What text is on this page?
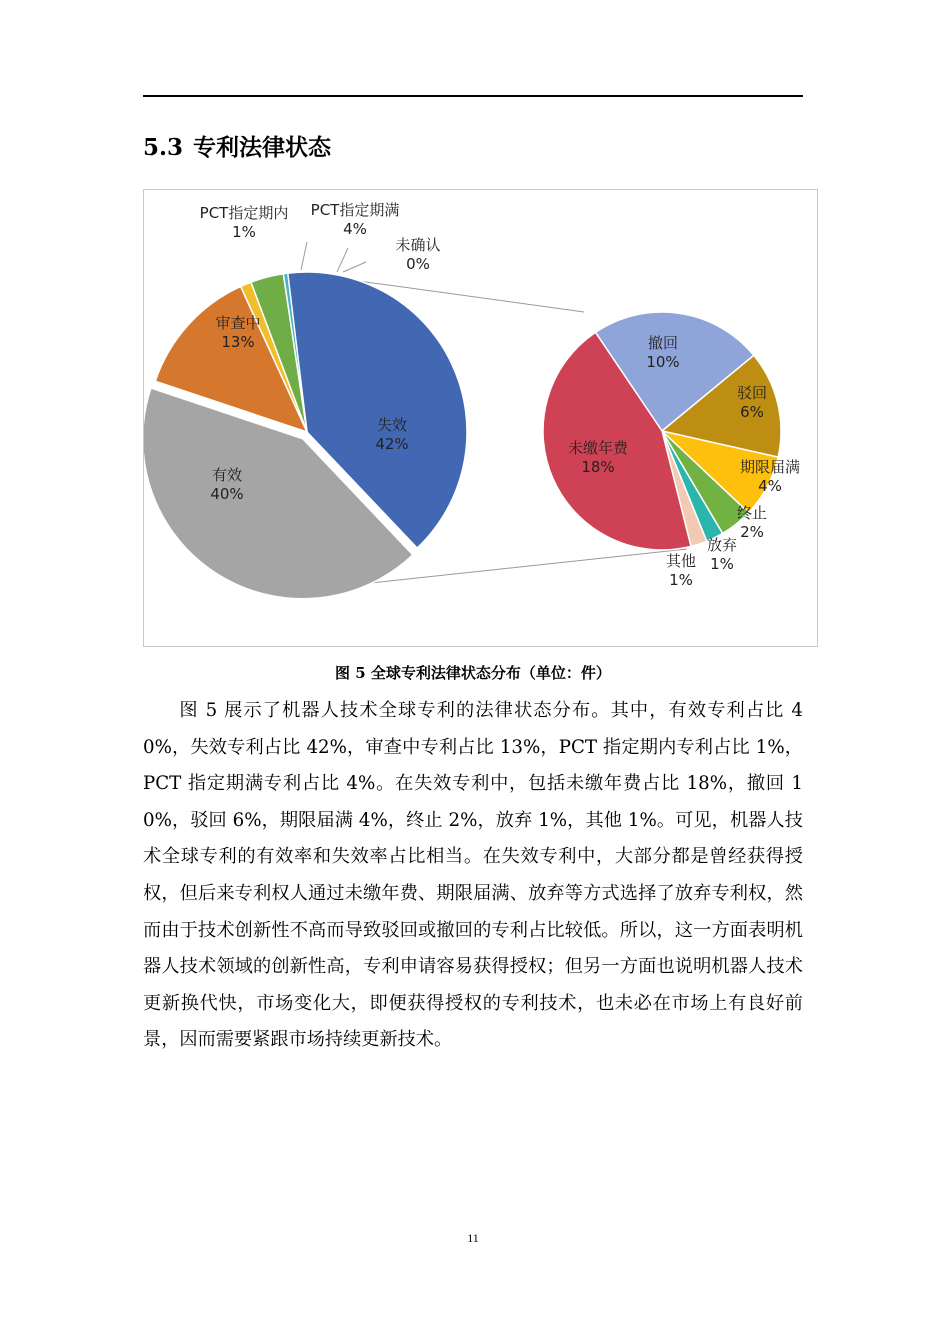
5.3 专利法律状态
有效
40%
失效
42%
审查中
13%
PCT指定期内
1%
PCT指定期满
4%
未确认
0%
撤回
10%
驳回
6%
期限届满
4%
终止
2%
放弃
1%
其他
1%
未缴年费
18%
图 5 全球专利法律状态分布（单位：件）

图 5 展示了机器人技术全球专利的法律状态分布。其中，有效专利占比 40%，失效专利占比 42%，审查中专利占比 13%，PCT 指定期内专利占比 1%，PCT 指定期满专利占比 4%。在失效专利中，包括未缴年费占比 18%，撤回 10%，驳回 6%，期限届满 4%，终止 2%，放弃 1%，其他 1%。可见，机器人技术全球专利的有效率和失效率占比相当。在失效专利中，大部分都是曾经获得授权，但后来专利权人通过未缴年费、期限届满、放弃等方式选择了放弃专利权，然而由于技术创新性不高而导致驳回或撤回的专利占比较低。所以，这一方面表明机器人技术领域的创新性高，专利申请容易获得授权；但另一方面也说明机器人技术更新换代快，市场变化大，即便获得授权的专利技术，也未必在市场上有良好前景，因而需要紧跟市场持续更新技术。

11
